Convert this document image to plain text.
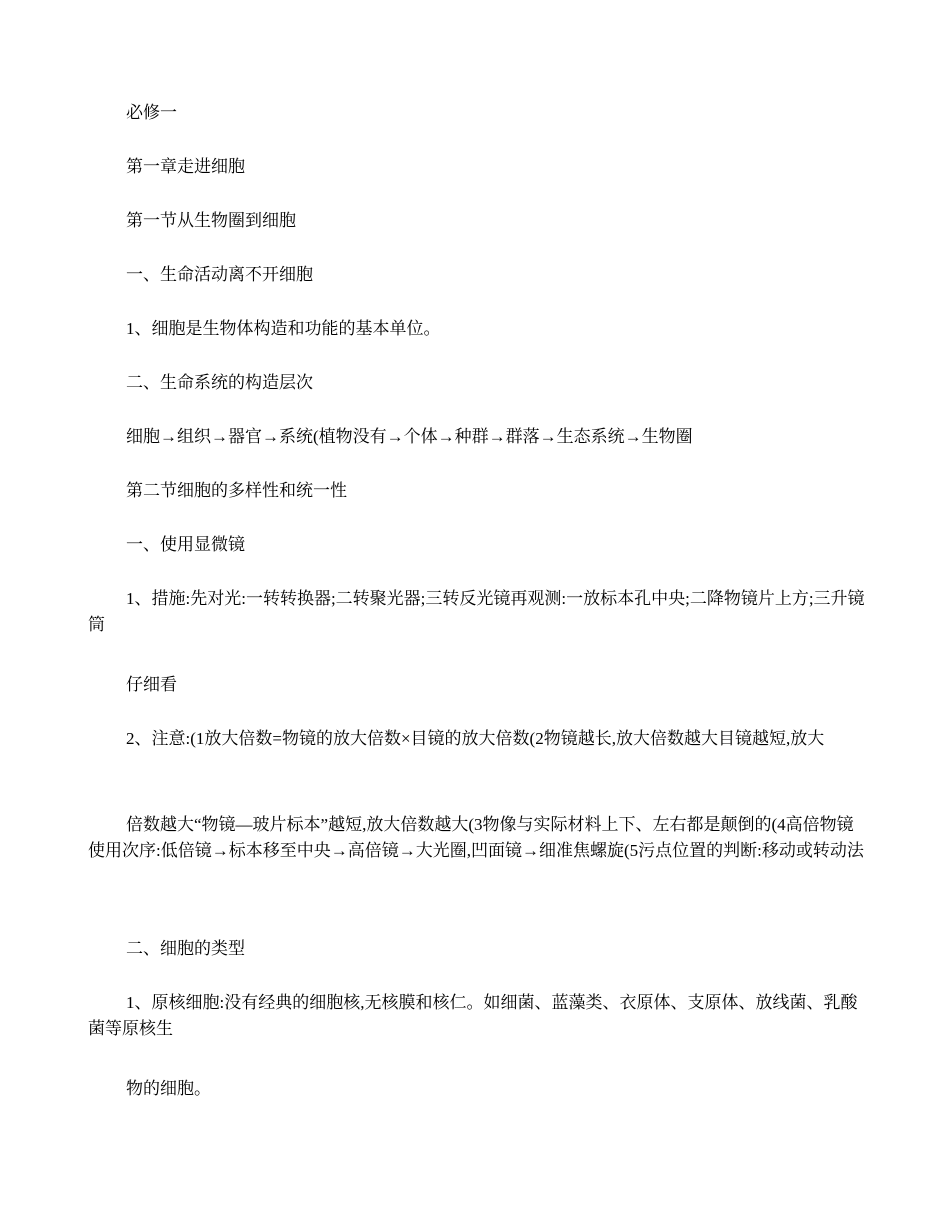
必修一

第一章走进细胞

第一节从生物圈到细胞

一、生命活动离不开细胞

1、细胞是生物体构造和功能的基本单位。

二、生命系统的构造层次

细胞→组织→器官→系统(植物没有→个体→种群→群落→生态系统→生物圈

第二节细胞的多样性和统一性

一、使用显微镜

1、措施:先对光:一转转换器;二转聚光器;三转反光镜再观测:一放标本孔中央;二降物镜片上方;三升镜筒

仔细看

2、注意:(1放大倍数=物镜的放大倍数×目镜的放大倍数(2物镜越长,放大倍数越大目镜越短,放大

倍数越大“物镜—玻片标本”越短,放大倍数越大(3物像与实际材料上下、左右都是颠倒的(4高倍物镜使用次序:低倍镜→标本移至中央→高倍镜→大光圈,凹面镜→细准焦螺旋(5污点位置的判断:移动或转动法

二、细胞的类型

1、原核细胞:没有经典的细胞核,无核膜和核仁。如细菌、蓝藻类、衣原体、支原体、放线菌、乳酸菌等原核生

物的细胞。
